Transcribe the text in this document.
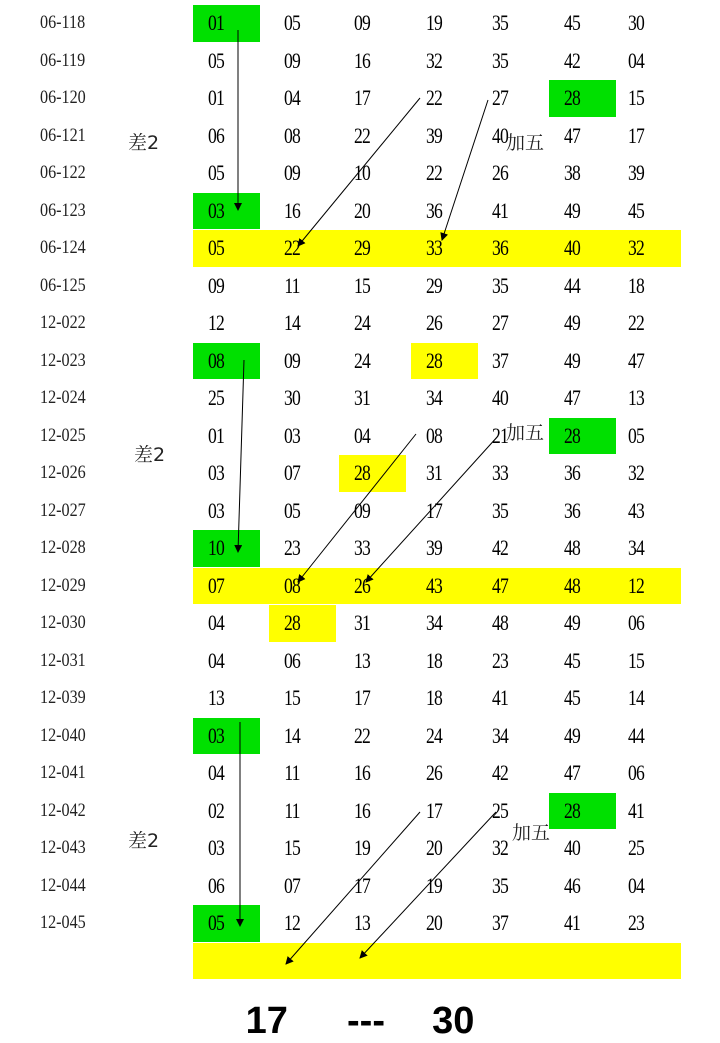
06-118	01	05	09	19	35	45	30
06-119	05	09	16	32	35	42	04
06-120	01	04	17	22	27	28	15
06-121	06	08	22	39	40	47	17
06-122	05	09	10	22	26	38	39
06-123	03	16	20	36	41	49	45
06-124	05	22	29	33	36	40	32
06-125	09	11	15	29	35	44	18
12-022	12	14	24	26	27	49	22
12-023	08	09	24	28	37	49	47
12-024	25	30	31	34	40	47	13
12-025	01	03	04	08	21	28	05
12-026	03	07	28	31	33	36	32
12-027	03	05	09	17	35	36	43
12-028	10	23	33	39	42	48	34
12-029	07	08	26	43	47	48	12
12-030	04	28	31	34	48	49	06
12-031	04	06	13	18	23	45	15
12-039	13	15	17	18	41	45	14
12-040	03	14	22	24	34	49	44
12-041	04	11	16	26	42	47	06
12-042	02	11	16	17	25	28	41
12-043	03	15	19	20	32	40	25
12-044	06	07	17	19	35	46	04
12-045	05	12	13	20	37	41	23
差2	加五
差2
加五
差2	加五
17 --- 30
